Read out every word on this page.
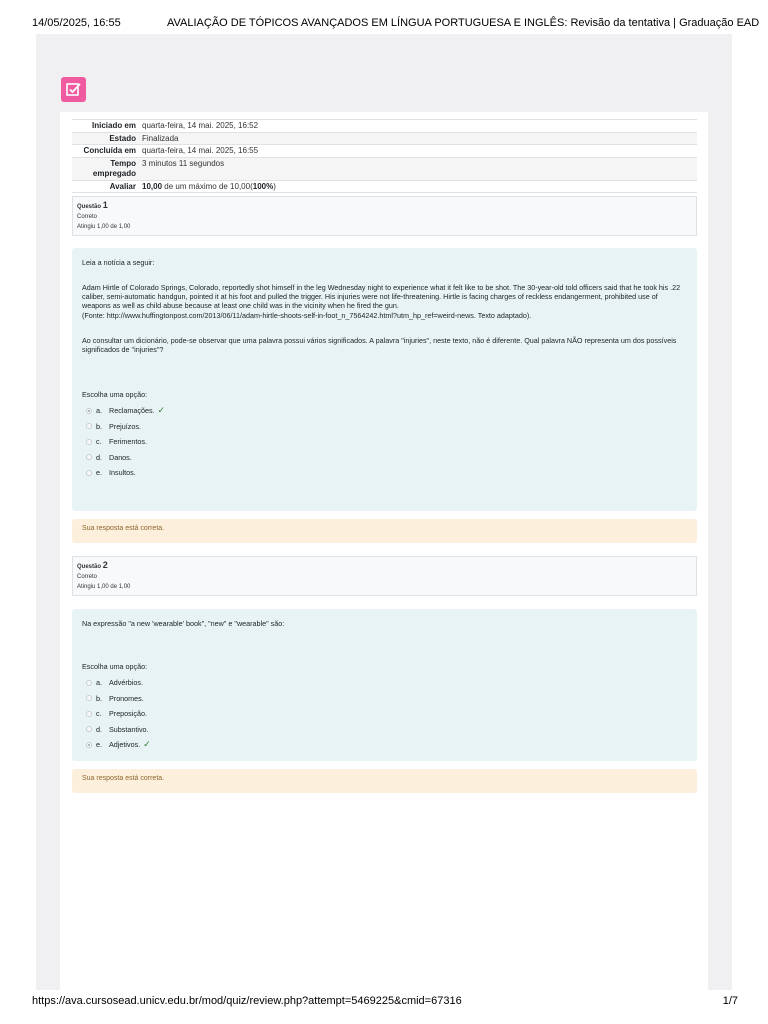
14/05/2025, 16:55	AVALIAÇÃO DE TÓPICOS AVANÇADOS EM LÍNGUA PORTUGUESA E INGLÊS: Revisão da tentativa | Graduação EAD
Iniciado em quarta-feira, 14 mai. 2025, 16:52
Estado Finalizada
Concluída em quarta-feira, 14 mai. 2025, 16:55
Tempo empregado
3 minutos 11 segundos
Avaliar 10,00 de um máximo de 10,00(100%)
Questão 1
Correto
Atingiu 1,00 de 1,00

Leia a notícia a seguir:

Adam Hirtle of Colorado Springs, Colorado, reportedly shot himself in the leg Wednesday night to experience what it felt like to be shot. The 30-year-old told officers said that he took his .22 caliber, semi-automatic handgun, pointed it at his foot and pulled the trigger. His injuries were not life-threatening. Hirtle is facing charges of reckless endangerment, prohibited use of weapons as well as child abuse because at least one child was in the vicinity when he fired the gun.

(Fonte: http://www.huffingtonpost.com/2013/06/11/adam-hirtle-shoots-self-in-foot_n_7564242.html?utm_hp_ref=weird-news. Texto adaptado).

Ao consultar um dicionário, pode-se observar que uma palavra possui vários significados. A palavra "injuries", neste texto, não é diferente. Qual palavra NÃO representa um dos possíveis significados de "injuries"?

Escolha uma opção:

a. Reclamações. ✓
b. Prejuízos.
c.	Ferimentos.
d. Danos.
e. Insultos.
Sua resposta está correta.
Questão 2
Correto
Atingiu 1,00 de 1,00

Na expressão "a new 'wearable' book", "new" e "wearable" são:

Escolha uma opção:

a. Advérbios.
b. Pronomes.
c.	Preposição.
d. Substantivo.
e. Adjetivos. ✓
Sua resposta está correta.
https://ava.cursosead.unicv.edu.br/mod/quiz/review.php?attempt=5469225&cmid=67316	1/7
